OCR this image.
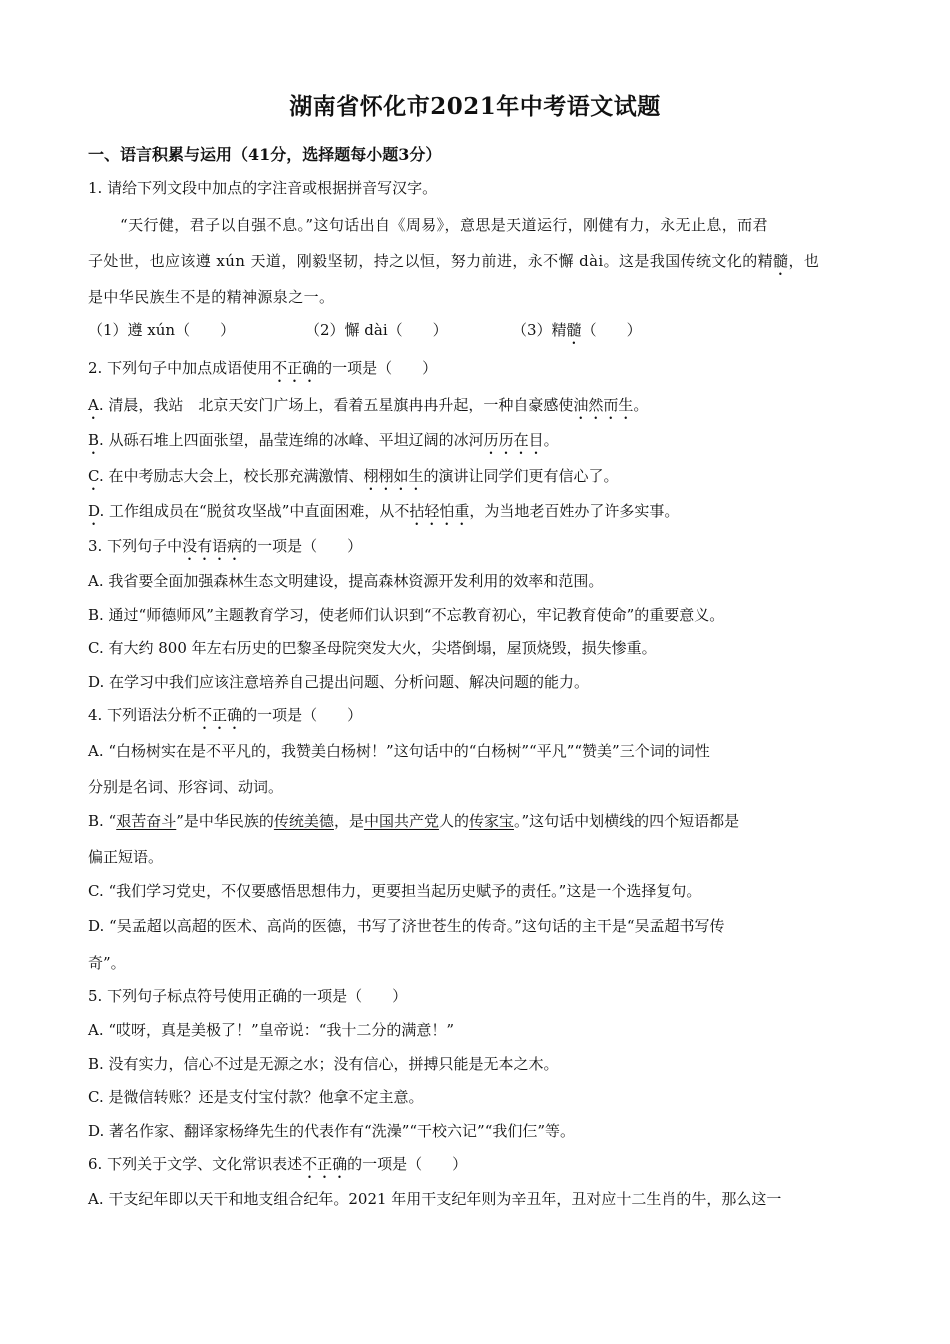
湖南省怀化市2021年中考语文试题
一、语言积累与运用（41分，选择题每小题3分）
1. 请给下列文段中加点的字注音或根据拼音写汉字。
“天行健，君子以自强不息。”这句话出自《周易》，意思是天道运行，刚健有力，永无止息，而君
子处世，也应该遵 xún 天道，刚毅坚韧，持之以恒，努力前进，永不懈 dài。这是我国传统文化的精髓，也
是中华民族生不是的精神源泉之一。
（1）遵 xún（　　）	（2）懈 dài（　　）	（3）精髓（　　）
2. 下列句子中加点成语使用不正确的一项是（　　）
A. 清晨，我站　北京天安门广场上，看着五星旗冉冉升起，一种自豪感使油然而生。
B. 从砾石堆上四面张望，晶莹连绵的冰峰、平坦辽阔的冰河历历在目。
C. 在中考励志大会上，校长那充满激情、栩栩如生的演讲让同学们更有信心了。
D. 工作组成员在“脱贫攻坚战”中直面困难，从不拈轻怕重，为当地老百姓办了许多实事。
3. 下列句子中没有语病的一项是（　　）
A. 我省要全面加强森林生态文明建设，提高森林资源开发利用的效率和范围。
B. 通过“师德师风”主题教育学习，使老师们认识到“不忘教育初心，牢记教育使命”的重要意义。
C. 有大约 800 年左右历史的巴黎圣母院突发大火，尖塔倒塌，屋顶烧毁，损失惨重。
D. 在学习中我们应该注意培养自己提出问题、分析问题、解决问题的能力。
4. 下列语法分析不正确的一项是（　　）
A. “白杨树实在是不平凡的，我赞美白杨树！”这句话中的“白杨树”“平凡”“赞美”三个词的词性
分别是名词、形容词、动词。
B. “艰苦奋斗”是中华民族的传统美德，是中国共产党人的传家宝。”这句话中划横线的四个短语都是
偏正短语。
C. “我们学习党史，不仅要感悟思想伟力，更要担当起历史赋予的责任。”这是一个选择复句。
D. “吴孟超以高超的医术、高尚的医德，书写了济世苍生的传奇。”这句话的主干是“吴孟超书写传
奇”。
5. 下列句子标点符号使用正确的一项是（　　）
A. “哎呀，真是美极了！”皇帝说：“我十二分的满意！”
B. 没有实力，信心不过是无源之水；没有信心，拼搏只能是无本之木。
C. 是微信转账？还是支付宝付款？他拿不定主意。
D. 著名作家、翻译家杨绛先生的代表作有“洗澡”“干校六记”“我们仨”等。
6. 下列关于文学、文化常识表述不正确的一项是（　　）
A. 干支纪年即以天干和地支组合纪年。2021 年用干支纪年则为辛丑年，丑对应十二生肖的牛，那么这一
